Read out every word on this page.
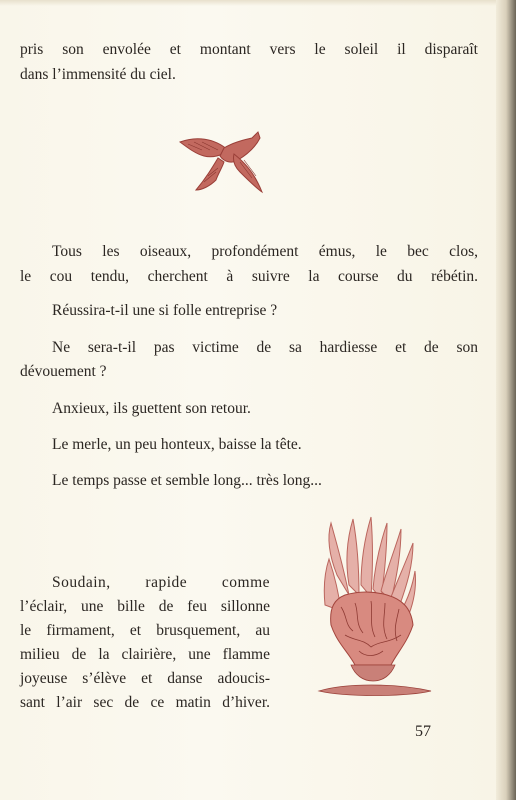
pris son envolée et montant vers le soleil il disparaît

dans l’immensité du ciel.

Tous les oiseaux, profondément émus, le bec clos,

le cou tendu, cherchent à suivre la course du rébétin.

Réussira-t-il une si folle entreprise ?

Ne sera-t-il pas victime de sa hardiesse et de son

dévouement ?

Anxieux, ils guettent son retour.

Le merle, un peu honteux, baisse la tête.

Le temps passe et semble long... très long...

Soudain, rapide comme

l’éclair, une bille de feu sillonne

le firmament, et brusquement, au

milieu de la clairière, une flamme

joyeuse s’élève et danse adoucis-

sant l’air sec de ce matin d’hiver.

57
